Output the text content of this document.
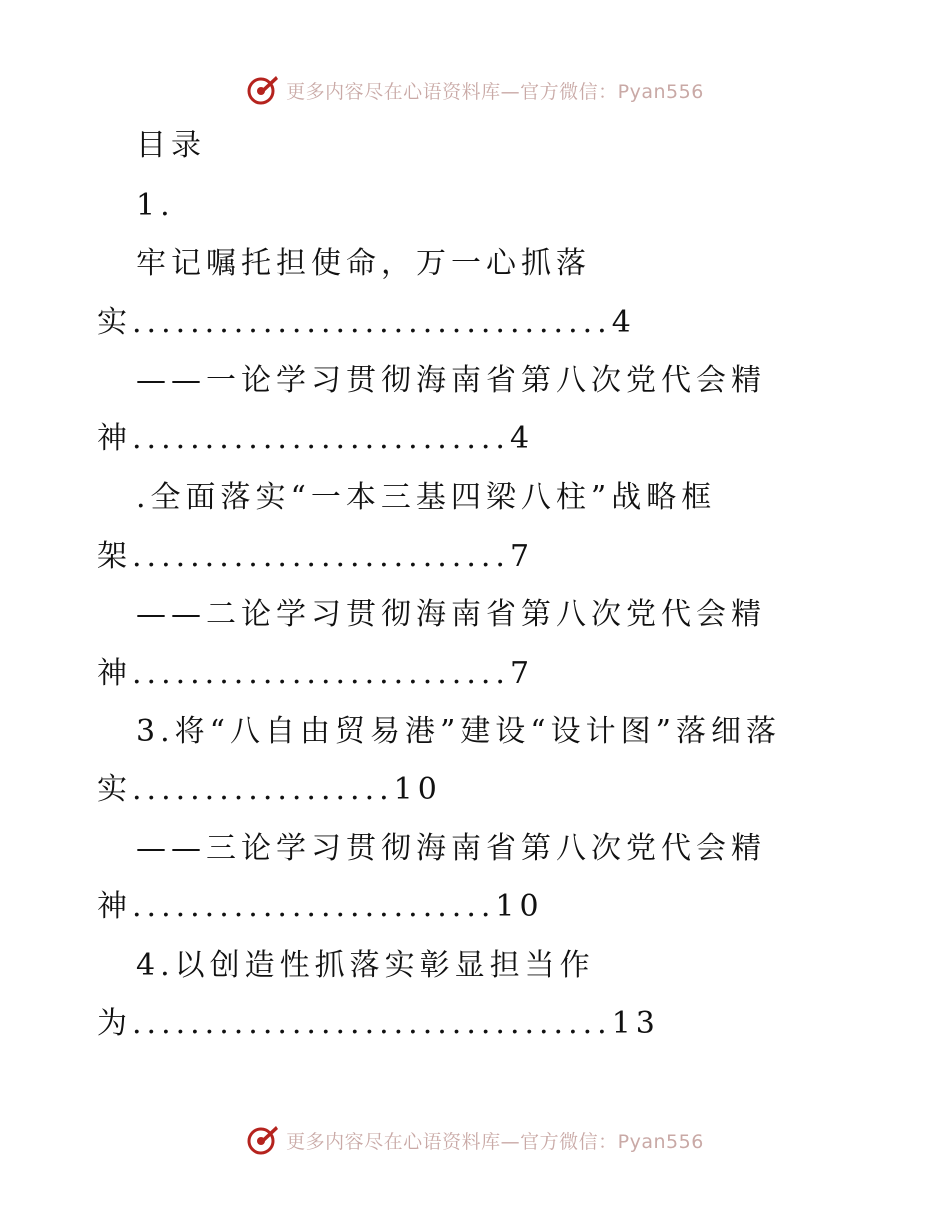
更多内容尽在心语资料库—官方微信：Pyan556
目录
1.
牢记嘱托担使命，万一心抓落
实.................................4
——一论学习贯彻海南省第八次党代会精
神..........................4
.全面落实“一本三基四梁八柱”战略框
架..........................7
——二论学习贯彻海南省第八次党代会精
神..........................7
3.将“八自由贸易港”建设“设计图”落细落
实..................10
——三论学习贯彻海南省第八次党代会精
神.........................10
4.以创造性抓落实彰显担当作
为.................................13
更多内容尽在心语资料库—官方微信：Pyan556
